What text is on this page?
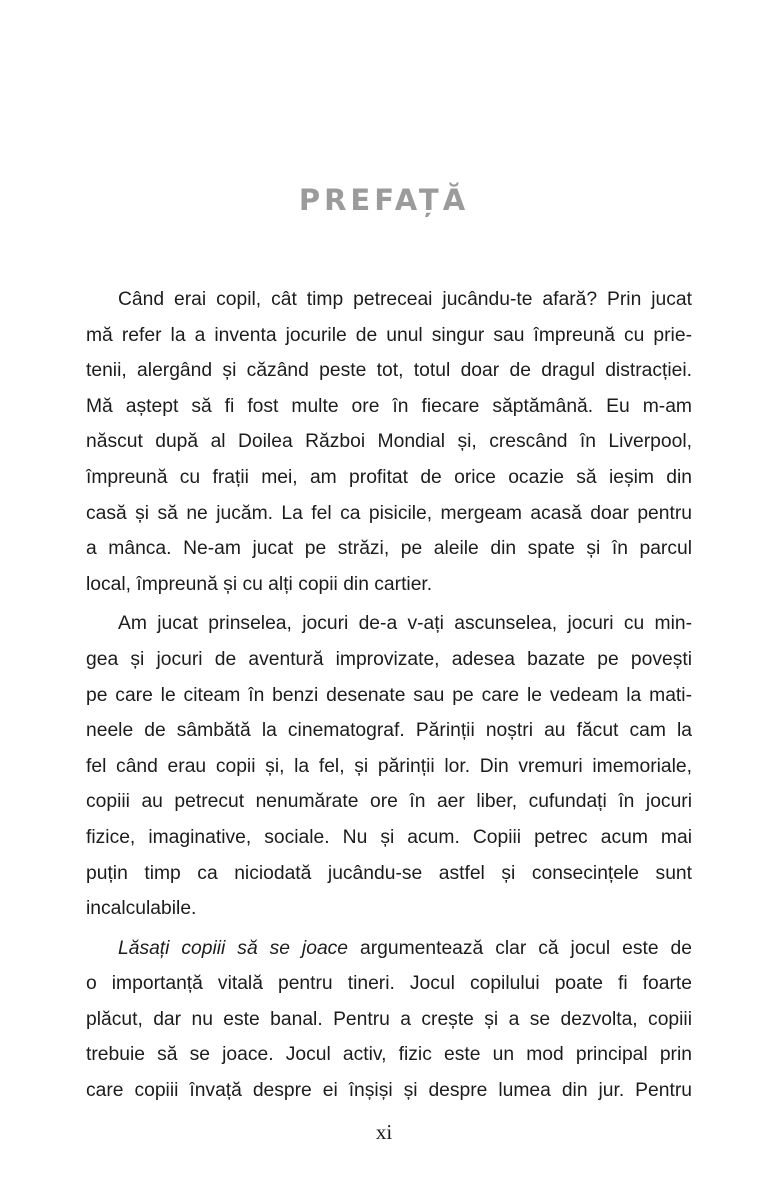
PREFAȚĂ

Când erai copil, cât timp petreceai jucându-te afară? Prin jucat
mă refer la a inventa jocurile de unul singur sau împreună cu prie-
tenii, alergând și căzând peste tot, totul doar de dragul distracției.
Mă aștept să fi fost multe ore în fiecare săptămână. Eu m-am
născut după al Doilea Război Mondial și, crescând în Liverpool,
împreună cu frații mei, am profitat de orice ocazie să ieșim din
casă și să ne jucăm. La fel ca pisicile, mergeam acasă doar pentru
a mânca. Ne-am jucat pe străzi, pe aleile din spate și în parcul
local, împreună și cu alți copii din cartier.

Am jucat prinselea, jocuri de-a v-ați ascunselea, jocuri cu min-
gea și jocuri de aventură improvizate, adesea bazate pe povești
pe care le citeam în benzi desenate sau pe care le vedeam la mati-
neele de sâmbătă la cinematograf. Părinții noștri au făcut cam la
fel când erau copii și, la fel, și părinții lor. Din vremuri imemoriale,
copiii au petrecut nenumărate ore în aer liber, cufundați în jocuri
fizice, imaginative, sociale. Nu și acum. Copiii petrec acum mai
puțin timp ca niciodată jucându-se astfel și consecințele sunt
incalculabile.

Lăsați copiii să se joace argumentează clar că jocul este de
o importanță vitală pentru tineri. Jocul copilului poate fi foarte
plăcut, dar nu este banal. Pentru a crește și a se dezvolta, copiii
trebuie să se joace. Jocul activ, fizic este un mod principal prin
care copiii învață despre ei înșiși și despre lumea din jur. Pentru

xi
